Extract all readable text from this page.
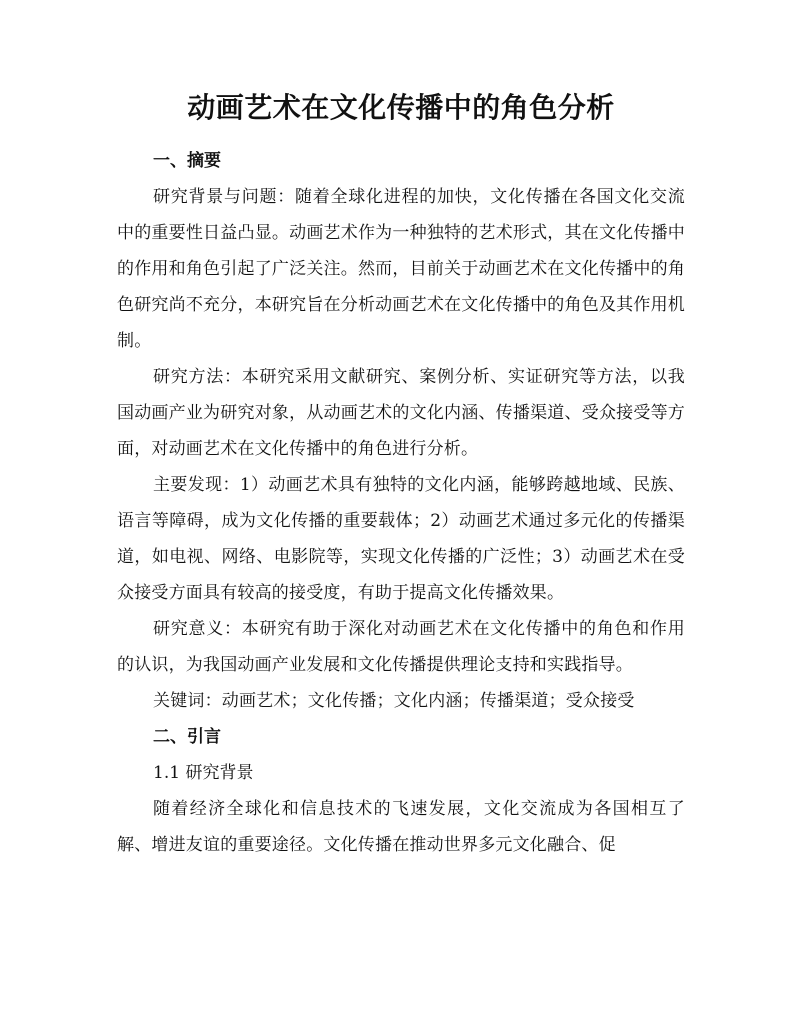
动画艺术在文化传播中的角色分析

一、摘要

研究背景与问题：随着全球化进程的加快，文化传播在各国文化交流中的重要性日益凸显。动画艺术作为一种独特的艺术形式，其在文化传播中的作用和角色引起了广泛关注。然而，目前关于动画艺术在文化传播中的角色研究尚不充分，本研究旨在分析动画艺术在文化传播中的角色及其作用机制。

研究方法：本研究采用文献研究、案例分析、实证研究等方法，以我国动画产业为研究对象，从动画艺术的文化内涵、传播渠道、受众接受等方面，对动画艺术在文化传播中的角色进行分析。

主要发现：1）动画艺术具有独特的文化内涵，能够跨越地域、民族、语言等障碍，成为文化传播的重要载体；2）动画艺术通过多元化的传播渠道，如电视、网络、电影院等，实现文化传播的广泛性；3）动画艺术在受众接受方面具有较高的接受度，有助于提高文化传播效果。

研究意义：本研究有助于深化对动画艺术在文化传播中的角色和作用的认识，为我国动画产业发展和文化传播提供理论支持和实践指导。

关键词：动画艺术；文化传播；文化内涵；传播渠道；受众接受

二、引言

1.1 研究背景

随着经济全球化和信息技术的飞速发展，文化交流成为各国相互了解、增进友谊的重要途径。文化传播在推动世界多元文化融合、促
